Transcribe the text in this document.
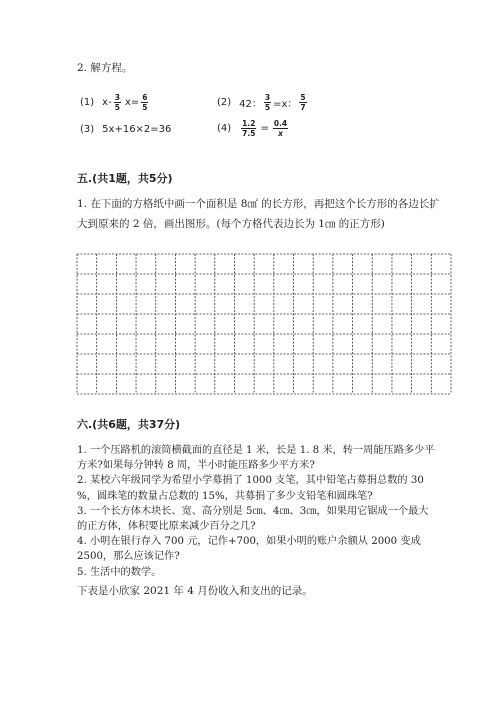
2. 解方程。
(1) $x- \frac{3}{5} x= \frac{6}{5}$	(2) 42： $\frac{3}{5} =x$： $\frac{5}{7}$
(3) 5x+16×2=36	$(4) \frac{1.2}{7.5} = \frac{0.4}{x}$
五.(共1题，共5分)
1. 在下面的方格纸中画一个面积是 8㎠ 的长方形，再把这个长方形的各边长扩
大到原来的 2 倍，画出图形。(每个方格代表边长为 1㎝ 的正方形)
六.(共6题，共37分)
1. 一个压路机的滚筒横截面的直径是 1 米，长是 1. 8 米，转一周能压路多少平
方米?如果每分钟转 8 周，半小时能压路多少平方米?
2. 某校六年级同学为希望小学募捐了 1000 支笔，其中铅笔占募捐总数的 30
%，圆珠笔的数量占总数的 15%，共募捐了多少支铅笔和圆珠笔?
3. 一个长方体木块长、宽、高分别是 5㎝、4㎝、3㎝，如果用它锯成一个最大
的正方体，体积要比原来减少百分之几?
4. 小明在银行存入 700 元，记作+700，如果小明的账户余额从 2000 变成
2500，那么应该记作?
5. 生活中的数学。
下表是小欣家 2021 年 4 月份收入和支出的记录。
